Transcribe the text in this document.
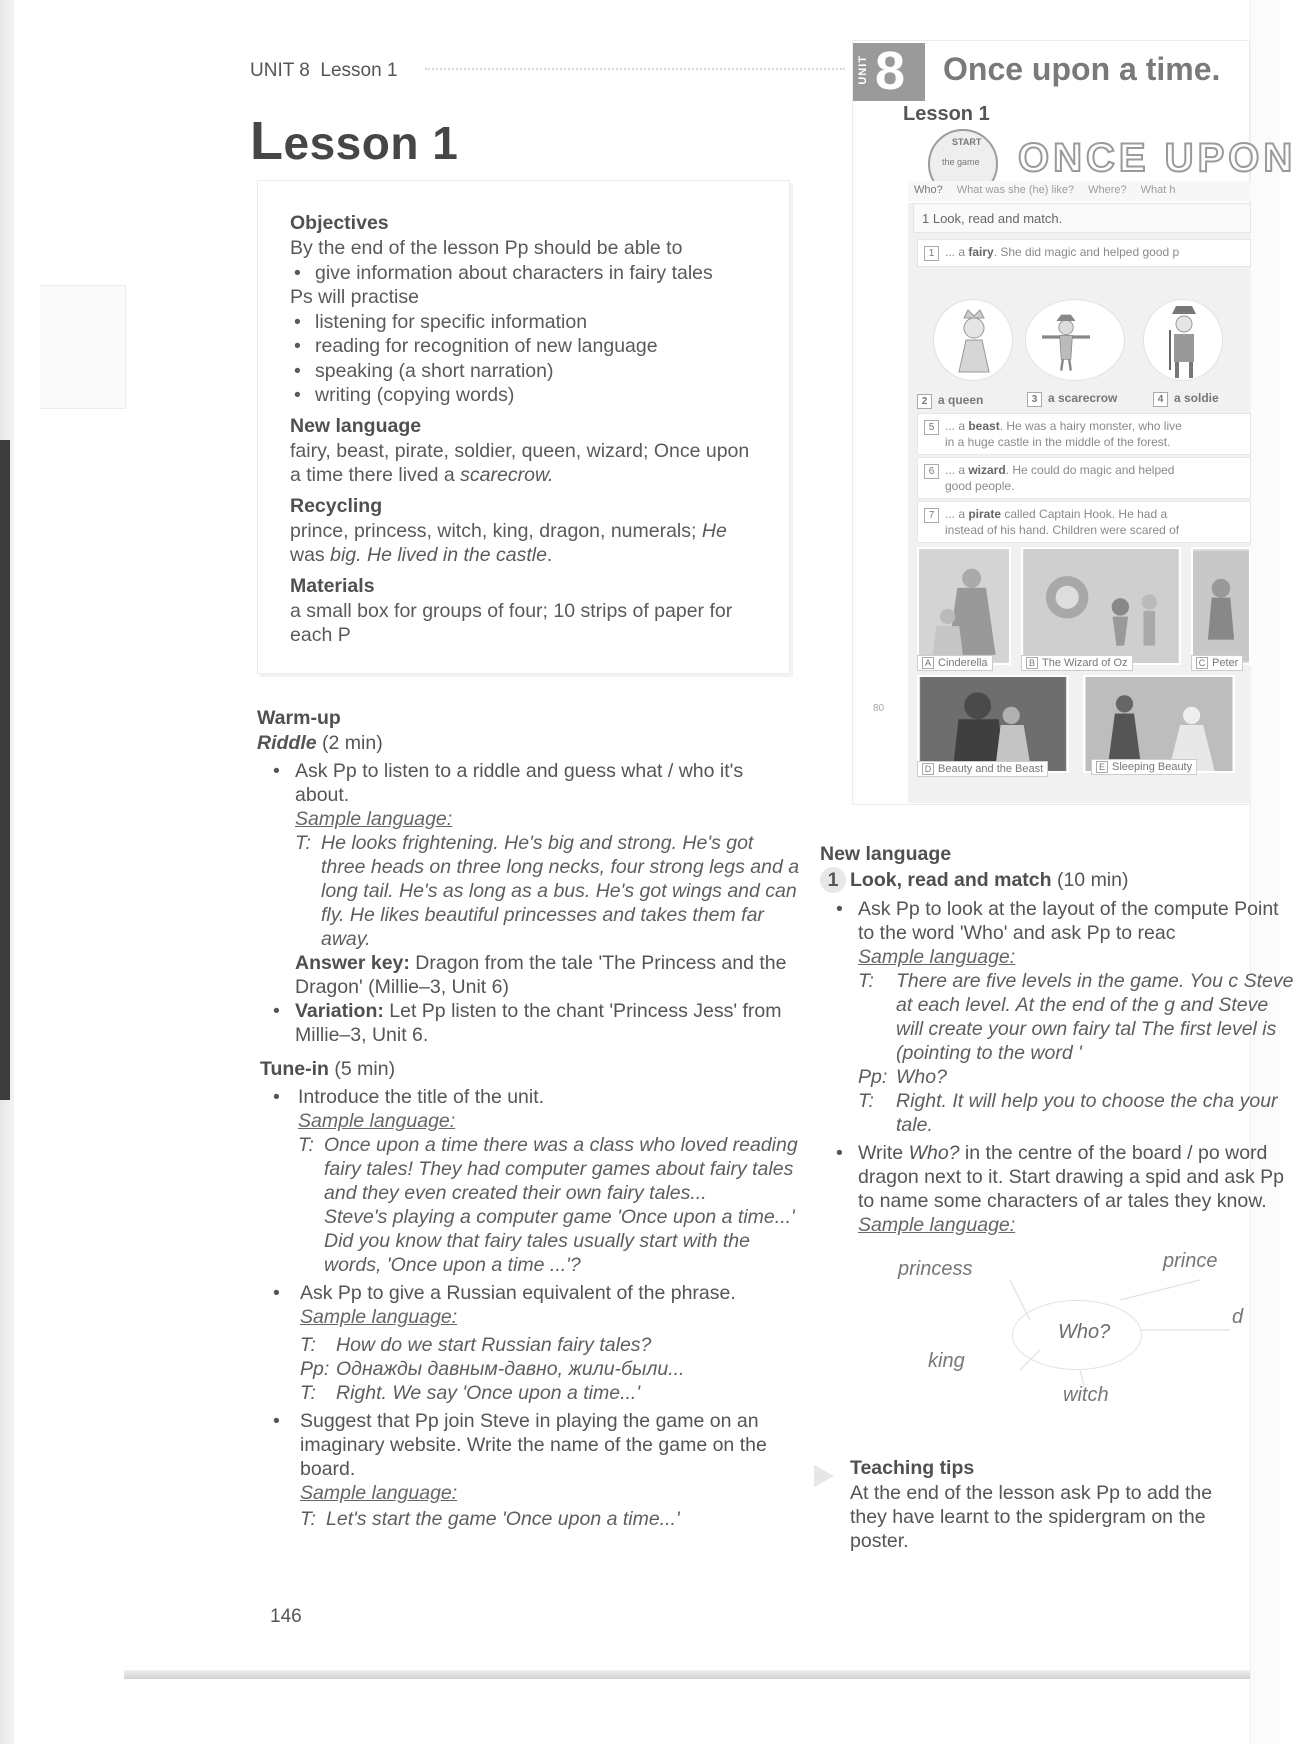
UNIT 8 Lesson 1
Lesson 1
Objectives
By the end of the lesson Pp should be able to
• give information about characters in fairy tales
Ps will practise
• listening for specific information
• reading for recognition of new language
• speaking (a short narration)
• writing (copying words)
New language
fairy, beast, pirate, soldier, queen, wizard; Once upon a time there lived a scarecrow.
Recycling
prince, princess, witch, king, dragon, numerals; He was big. He lived in the castle.
Materials
a small box for groups of four; 10 strips of paper for each P
Warm-up
Riddle (2 min)
• Ask Pp to listen to a riddle and guess what / who it's about.
Sample language:
T: He looks frightening. He's big and strong. He's got three heads on three long necks, four strong legs and a long tail. He's as long as a bus. He's got wings and can fly. He likes beautiful princesses and takes them far away.
Answer key: Dragon from the tale 'The Princess and the Dragon' (Millie–3, Unit 6)
• Variation: Let Pp listen to the chant 'Princess Jess' from Millie–3, Unit 6.
Tune-in (5 min)
• Introduce the title of the unit.
Sample language:
T: Once upon a time there was a class who loved reading fairy tales! They had computer games about fairy tales and they even created their own fairy tales...
Steve's playing a computer game 'Once upon a time...' Did you know that fairy tales usually start with the words, 'Once upon a time ...'?
• Ask Pp to give a Russian equivalent of the phrase.
Sample language:
T:	How do we start Russian fairy tales?
Pp: Однажды давным-давно, жили-были...
T:	Right. We say 'Once upon a time...'
• Suggest that Pp join Steve in playing the game on an imaginary website. Write the name of the game on the board.
Sample language:
T: Let's start the game 'Once upon a time...'
146
UNIT 8 Once upon a time.
Lesson 1
START
the game ONCE UPON
Who? What was she (he) like? Where? What h
1 Look, read and match.
1 ... a fairy. She did magic and helped good p
2 a queen	3 a scarecrow	4 a soldie
5 ... a beast. He was a hairy monster, who live
in a huge castle in the middle of the forest.
6 ... a wizard. He could do magic and helped
good people.
7 ... a pirate called Captain Hook. He had a
instead of his hand. Children were scared of
A Cinderella	B The Wizard of Oz	C Peter
D Beauty and the Beast	E Sleeping Beauty
80
New language
1 Look, read and match (10 min)
• Ask Pp to look at the layout of the compute Point to the word 'Who' and ask Pp to reac
Sample language:
T:	There are five levels in the game. You c Steve at each level. At the end of the g and Steve will create your own fairy tal The first level is (pointing to the word '
Pp: Who?
T:	Right. It will help you to choose the cha your tale.
• Write Who? in the centre of the board / po word dragon next to it. Start drawing a spid and ask Pp to name some characters of ar tales they know.
Sample language:
Who?
princess	prince
king
witch
d
Teaching tips
At the end of the lesson ask Pp to add the they have learnt to the spidergram on the poster.
